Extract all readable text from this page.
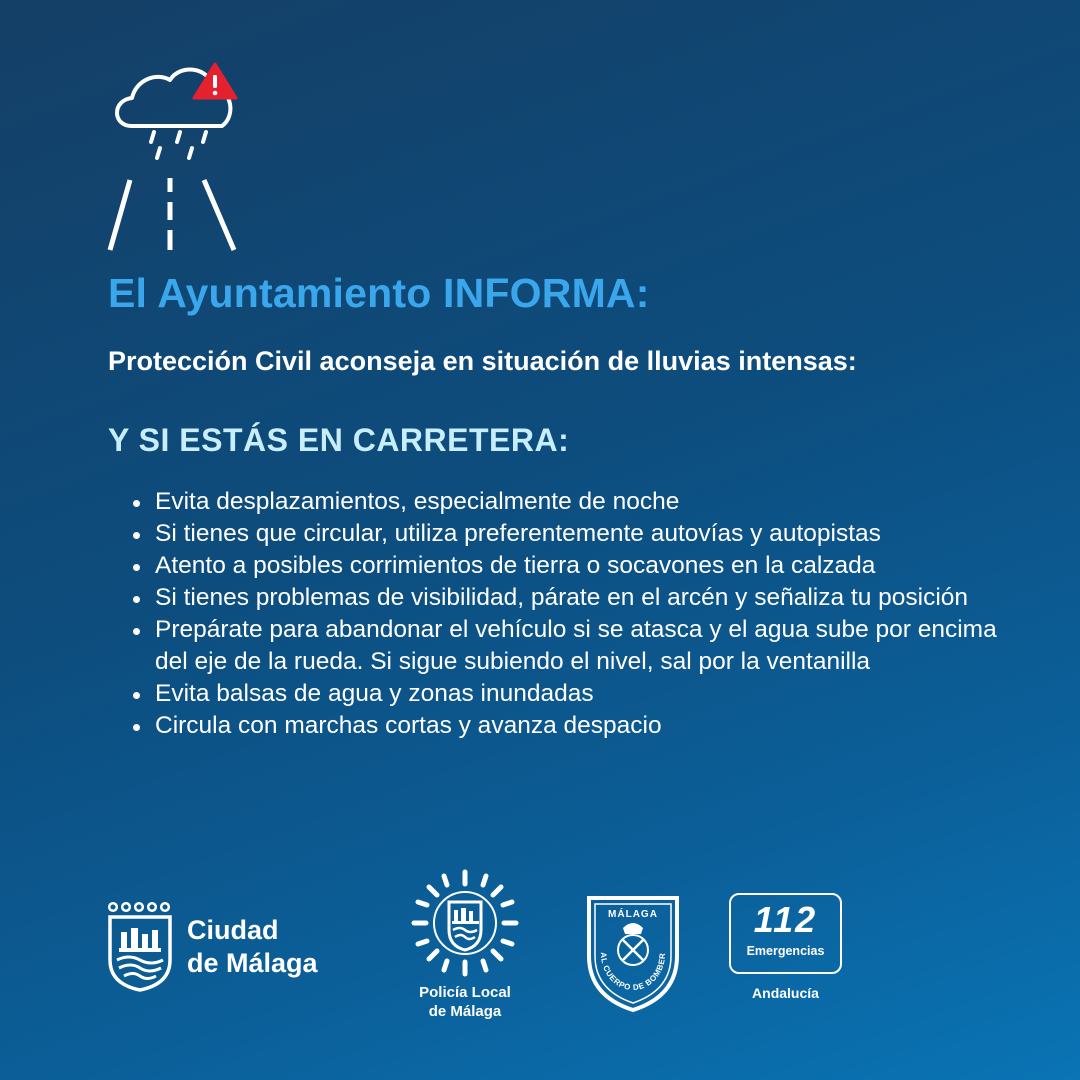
El Ayuntamiento INFORMA:
Protección Civil aconseja en situación de lluvias intensas:
Y SI ESTÁS EN CARRETERA:
Evita desplazamientos, especialmente de noche
Si tienes que circular, utiliza preferentemente autovías y autopistas
Atento a posibles corrimientos de tierra o socavones en la calzada
Si tienes problemas de visibilidad, párate en el arcén y señaliza tu posición
Prepárate para abandonar el vehículo si se atasca y el agua sube por encima del eje de la rueda. Si sigue subiendo el nivel, sal por la ventanilla
Evita balsas de agua y zonas inundadas
Circula con marchas cortas y avanza despacio
Ciudad
de Málaga
Policía Local
de Málaga
MÁLAGA
AL CUERPO DE BOMBER
112
Emergencias
Andalucía
